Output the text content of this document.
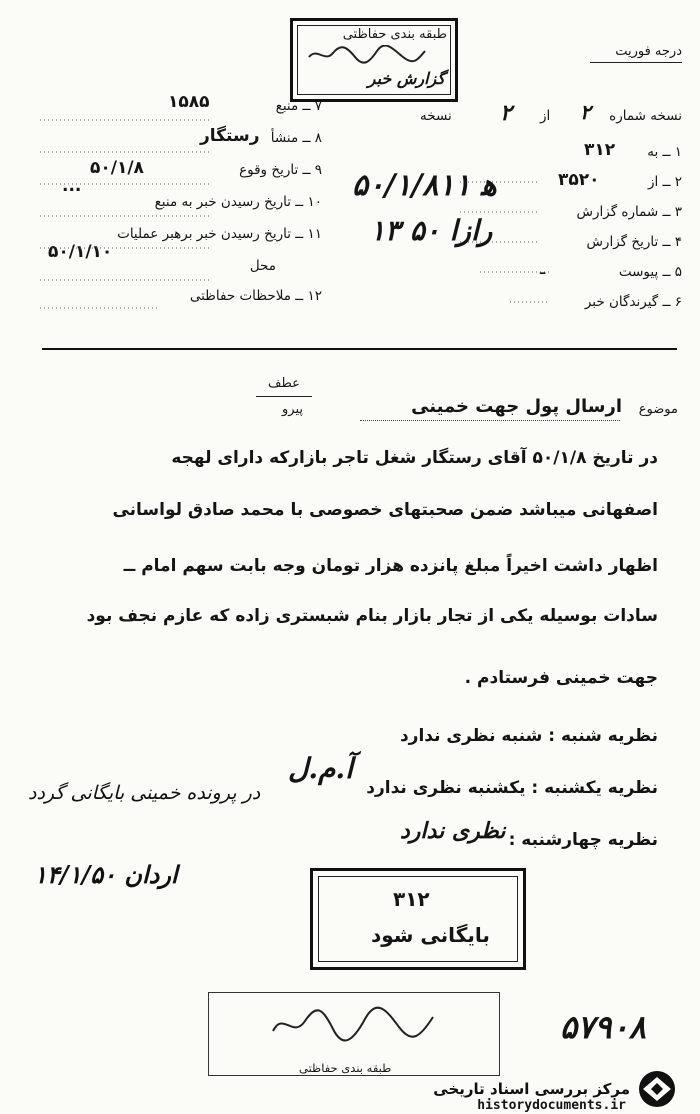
طبقه بندی حفاظتی
گزارش خبر
درجه فوریت
نسخه شماره
۲
از
۲
نسخه
۱ ــ به
۳۱۲
۲ ــ از
۳۵۲۰
۳ ــ شماره گزارش
۴ ــ تاریخ گزارش
۵ ــ پیوست
ـ
۶ ــ گیرندگان خبر
۷ ــ منبع
۱۵۸۵
۸ ــ منشأ
رستگار
۹ ــ تاریخ وقوع
۵۰/۱/۸
۱۰ ــ تاریخ رسیدن خبر به منبع
...
۱۱ ــ تاریخ رسیدن خبر برهبر عملیات
۵۰/۱/۱۰
محل
۱۲ ــ ملاحظات حفاظتی
۵۰/۱/۸۱۱ ه‍
۱۳ رازا ۵۰
عطف
پیرو	موضوع
ارسال پول جهت خمینی
در تاریخ ۵۰/۱/۸ آقای رستگار شغل تاجر بازارکه دارای لهجه
اصفهانی میباشد ضمن صحبتهای خصوصی با محمد صادق لواسانی
اظهار داشت اخیراً مبلغ پانزده هزار تومان وجه بابت سهم امام ــ
سادات بوسیله یکی از تجار بازار بنام شبستری زاده که عازم نجف بود
جهت خمینی فرستادم .
نظریه شنبه : شنبه نظری ندارد
نظریه یکشنبه : یکشنبه نظری ندارد
آ.م.ل
نظریه چهارشنبه :
نظری ندارد
در پرونده خمینی بایگانی گردد
اردان ۱۴/۱/۵۰
۳۱۲
بایگانی شود
طبقه بندی حفاظتی
۵۷۹۰۸
مرکز بررسی اسناد تاریخی
historydocuments.ir
